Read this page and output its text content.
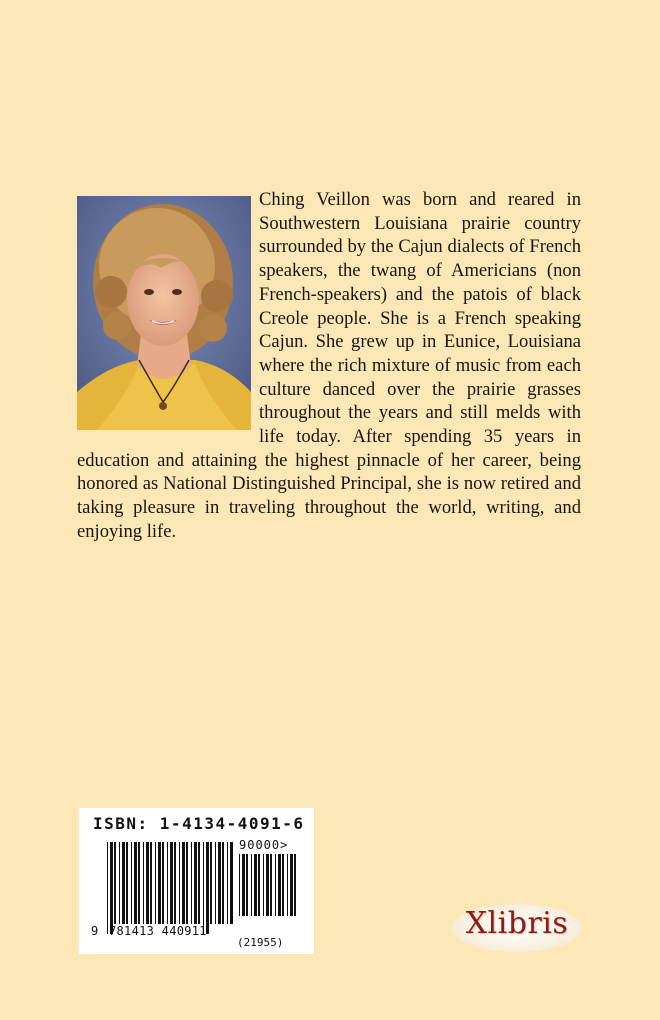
Ching Veillon was born and reared in Southwestern Louisiana prairie country surrounded by the Cajun dialects of French speakers, the twang of Americians (non French-speakers) and the patois of black Creole people. She is a French speaking Cajun. She grew up in Eunice, Louisiana where the rich mixture of music from each culture danced over the prairie grasses throughout the years and still melds with life today. After spending 35 years in education and attaining the highest pinnacle of her career, being honored as National Distinguished Principal, she is now retired and taking pleasure in traveling throughout the world, writing, and enjoying life.

ISBN: 1-4134-4091-6
90000>
9 781413 440911
(21955)
Xlibris
